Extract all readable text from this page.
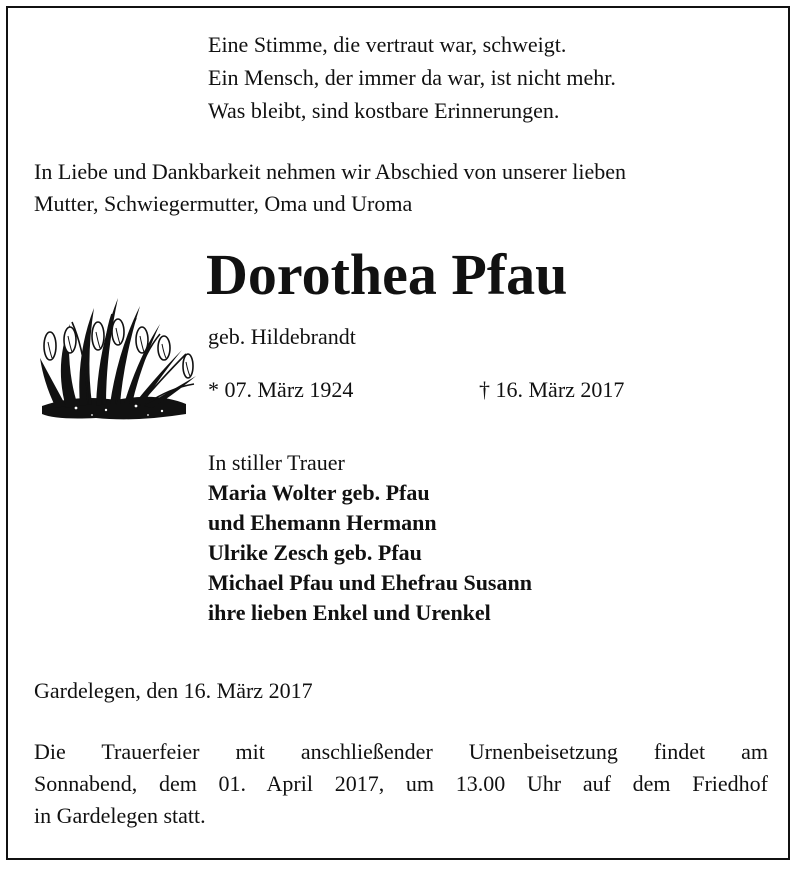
Eine Stimme, die vertraut war, schweigt.
Ein Mensch, der immer da war, ist nicht mehr.
Was bleibt, sind kostbare Erinnerungen.
In Liebe und Dankbarkeit nehmen wir Abschied von unserer lieben
Mutter, Schwiegermutter, Oma und Uroma
Dorothea Pfau
geb. Hildebrandt
* 07. März 1924	† 16. März 2017
In stiller Trauer
Maria Wolter geb. Pfau
und Ehemann Hermann
Ulrike Zesch geb. Pfau
Michael Pfau und Ehefrau Susann
ihre lieben Enkel und Urenkel
Gardelegen, den 16. März 2017
Die Trauerfeier mit anschließender Urnenbeisetzung findet am
Sonnabend, dem 01. April 2017, um 13.00 Uhr auf dem Friedhof
in Gardelegen statt.
